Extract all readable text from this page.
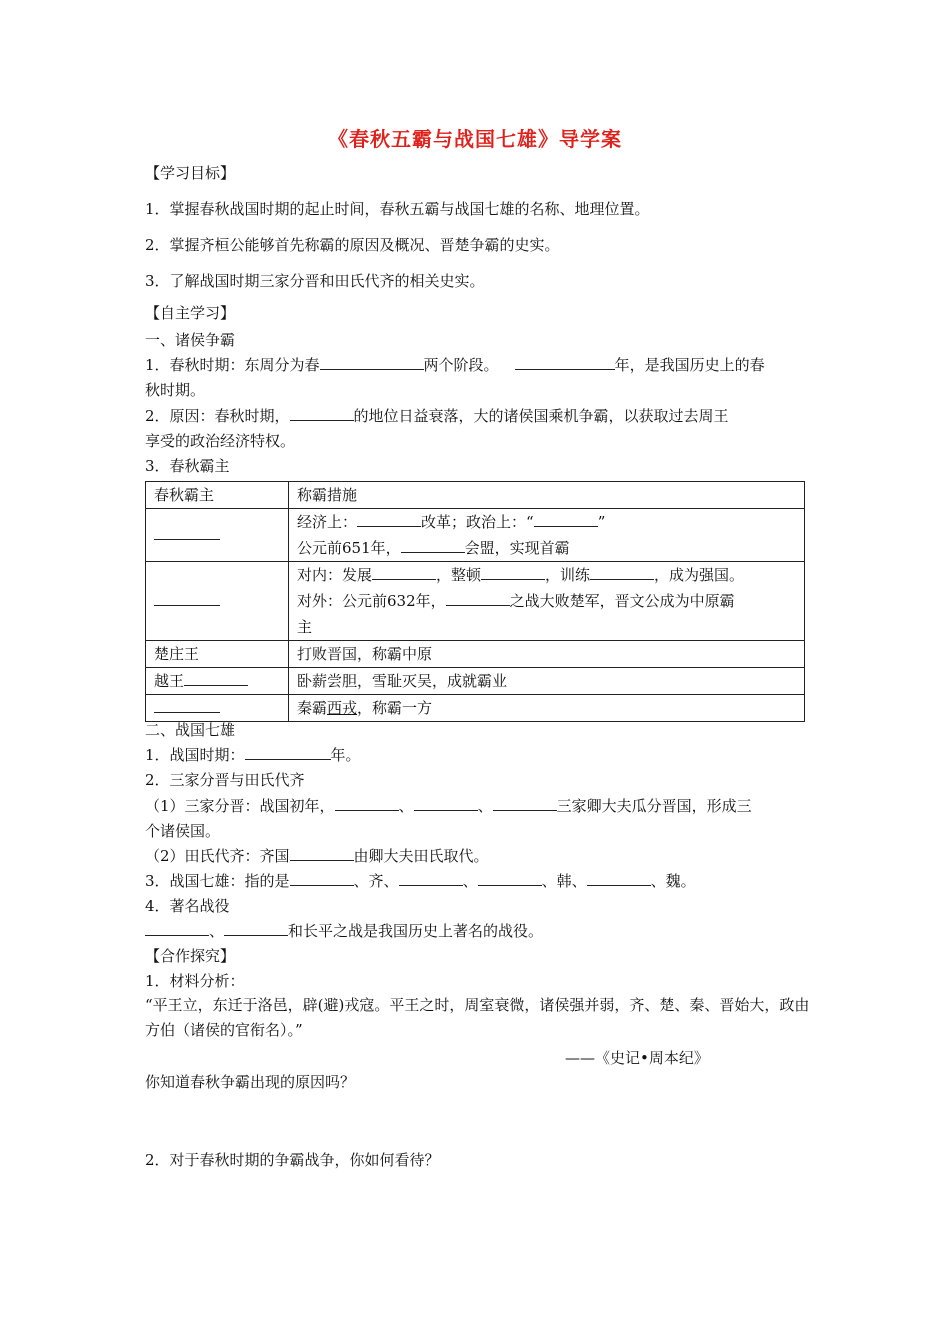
《春秋五霸与战国七雄》导学案
【学习目标】
1．掌握春秋战国时期的起止时间，春秋五霸与战国七雄的名称、地理位置。
2．掌握齐桓公能够首先称霸的原因及概况、晋楚争霸的史实。
3．了解战国时期三家分晋和田氏代齐的相关史实。
【自主学习】
一、诸侯争霸
1．春秋时期：东周分为春	两个阶段。	年，是我国历史上的春
秋时期。
2．原因：春秋时期，	的地位日益衰落，大的诸侯国乘机争霸，以获取过去周王
享受的政治经济特权。
3．春秋霸主
春秋霸主	称霸措施

	经济上： 改革；政治上：“ ”
公元前651年， 会盟，实现首霸

	对内：发展 ，整顿 ，训练 ，成为强国。
对外：公元前632年， 之战大败楚军，晋文公成为中原霸
主

楚庄王	打败晋国，称霸中原
越王	卧薪尝胆，雪耻灭吴，成就霸业
	秦霸西戎，称霸一方
二、战国七雄
1．战国时期：	年。
2．三家分晋与田氏代齐
（1）三家分晋：战国初年，	、	、	三家卿大夫瓜分晋国，形成三
个诸侯国。
（2）田氏代齐：齐国	由卿大夫田氏取代。
3．战国七雄：指的是	、齐、	、	、韩、	、魏。
4．著名战役
、	和长平之战是我国历史上著名的战役。
【合作探究】
1．材料分析：
“平王立，东迁于洛邑，辟(避)戎寇。平王之时，周室衰微，诸侯强并弱，齐、楚、秦、晋始大，政由方伯（诸侯的官衔名）。”
——《史记•周本纪》
你知道春秋争霸出现的原因吗？
2．对于春秋时期的争霸战争，你如何看待？
